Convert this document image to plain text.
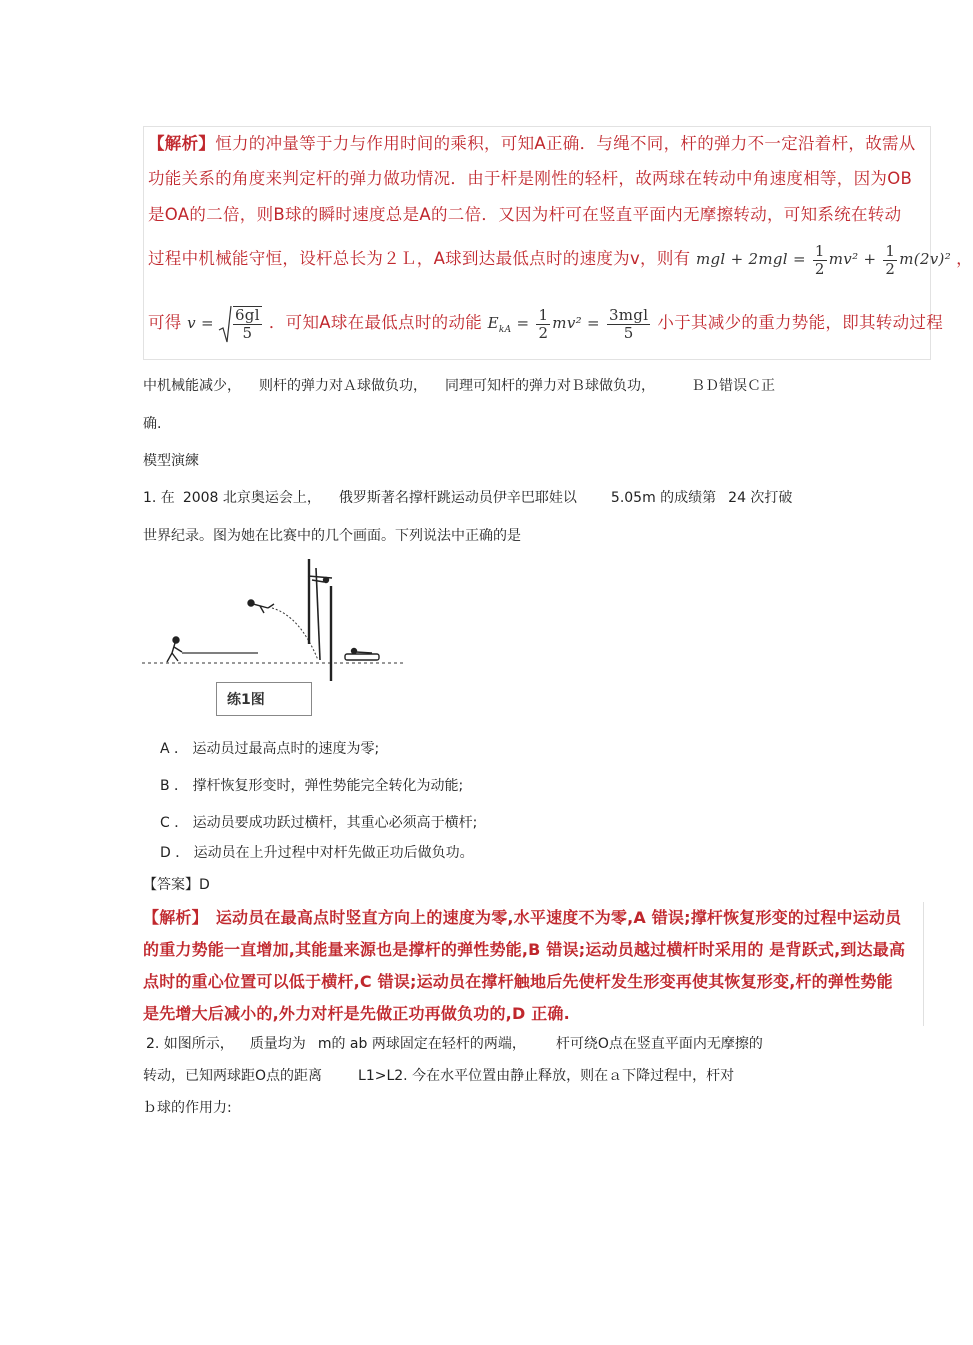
【解析】恒力的冲量等于力与作用时间的乘积，可知A正确．与绳不同，杆的弹力不一定沿着杆，故需从
功能关系的角度来判定杆的弹力做功情况．由于杆是刚性的轻杆，故两球在转动中角速度相等，因为OB
是OA的二倍，则B球的瞬时速度总是A的二倍．又因为杆可在竖直平面内无摩擦转动，可知系统在转动
过程中机械能守恒，设杆总长为２Ｌ，A球到达最低点时的速度为v，则有 mgl + $2mgl = \frac{1}{2} mv^2 + \frac{1}{2} m(2v)^2$ ，
可得 $v = \frac{6gl}{5}$ ．可知A球在最低点时的动能 $E_{kA} = \frac{1}{2} mv^2 = \frac{\text{3mgl}}{5}$ 小于其减少的重力势能，即其转动过程
中机械能减少， 则杆的弹力对Ａ球做负功， 同理可知杆的弹力对Ｂ球做负功，	ＢＤ错误Ｃ正
确.
模型演練
1. 在 2008 北京奥运会上， 俄罗斯著名撑杆跳运动员伊辛巴耶娃以 5.05m 的成绩第 24 次打破
世界纪录。图为她在比赛中的几个画面。下列说法中正确的是
练1图
A ． 运动员过最高点时的速度为零;
B ． 撑杆恢复形变时，弹性势能完全转化为动能;
C ． 运动员要成功跃过横杆，其重心必须高于横杆;
D ． 运动员在上升过程中对杆先做正功后做负功。
【答案】D
【解析】 运动员在最高点时竖直方向上的速度为零,水平速度不为零,A 错误;撑杆恢复形变的过程中运动员
的重力势能一直增加,其能量来源也是撑杆的弹性势能,B 错误;运动员越过横杆时采用的 是背跃式,到达最高
点时的重心位置可以低于横杆,C 错误;运动员在撑杆触地后先使杆发生形变再使其恢复形变,杆的弹性势能
是先增大后减小的,外力对杆是先做正功再做负功的,D 正确.
2. 如图所示， 质量均为 m的 ab 两球固定在轻杆的两端， 杆可绕O点在竖直平面内无摩擦的
转动，已知两球距O点的距离	L1>L2. 今在水平位置由静止释放，则在ａ下降过程中，杆对
ｂ球的作用力:
